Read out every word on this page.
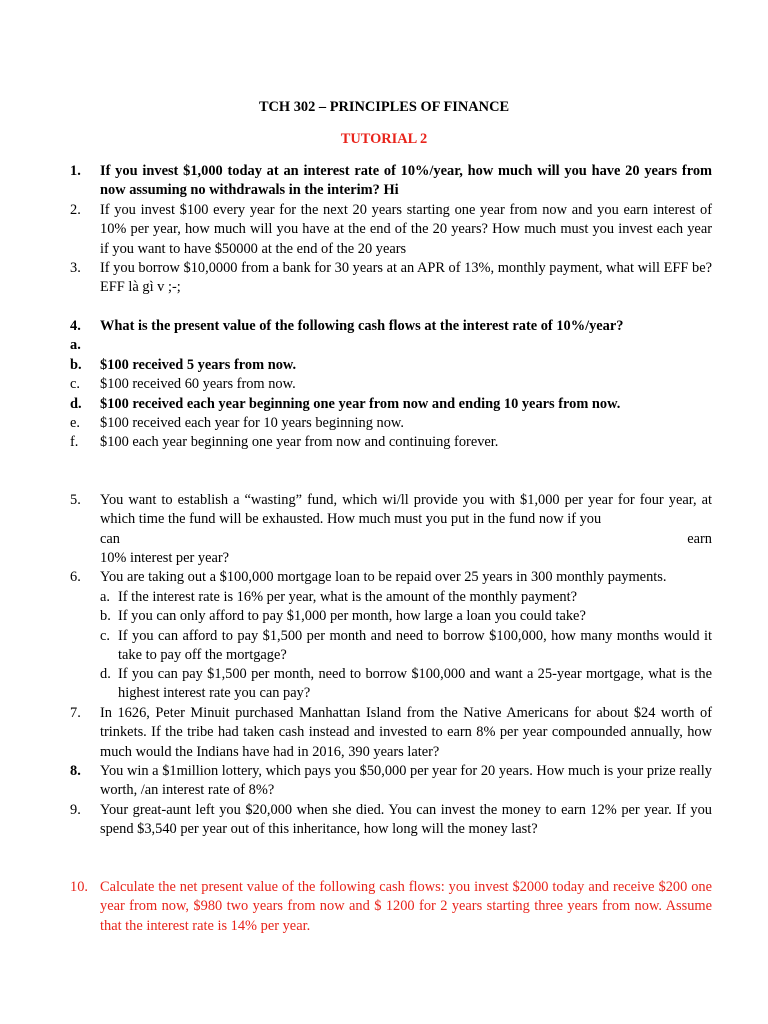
TCH 302 – PRINCIPLES OF FINANCE
TUTORIAL 2
1.	If you invest $1,000 today at an interest rate of 10%/year, how much will you have 20 years from now assuming no withdrawals in the interim? Hi
2.	If you invest $100 every year for the next 20 years starting one year from now and you earn interest of 10% per year, how much will you have at the end of the 20 years? How much must you invest each year if you want to have $50000 at the end of the 20 years
3.	If you borrow $10,0000 from a bank for 30 years at an APR of 13%, monthly payment, what will EFF be? EFF là gì v ;-;
4.	What is the present value of the following cash flows at the interest rate of 10%/year?
a.
b.	$100 received 5 years from now.
c.	$100 received 60 years from now.
d.	$100 received each year beginning one year from now and ending 10 years from now.
e.	$100 received each year for 10 years beginning now.
f.	$100 each year beginning one year from now and continuing forever.
5.	You want to establish a “wasting” fund, which wi/ll provide you with $1,000 per year for four year, at which time the fund will be exhausted. How much must you put in the fund now if you
can	earn
10% interest per year?
6.	You are taking out a $100,000 mortgage loan to be repaid over 25 years in 300 monthly payments.
a. If the interest rate is 16% per year, what is the amount of the monthly payment?
b. If you can only afford to pay $1,000 per month, how large a loan you could take?
c. If you can afford to pay $1,500 per month and need to borrow $100,000, how many months would it take to pay off the mortgage?
d. If you can pay $1,500 per month, need to borrow $100,000 and want a 25-year mortgage, what is the highest interest rate you can pay?
7.	In 1626, Peter Minuit purchased Manhattan Island from the Native Americans for about $24 worth of trinkets. If the tribe had taken cash instead and invested to earn 8% per year compounded annually, how much would the Indians have had in 2016, 390 years later?
8.	You win a $1million lottery, which pays you $50,000 per year for 20 years. How much is your prize really worth, /an interest rate of 8%?
9.	Your great-aunt left you $20,000 when she died. You can invest the money to earn 12% per year. If you spend $3,540 per year out of this inheritance, how long will the money last?
10. Calculate the net present value of the following cash flows: you invest $2000 today and receive $200 one year from now, $980 two years from now and $ 1200 for 2 years starting three years from now. Assume that the interest rate is 14% per year.
